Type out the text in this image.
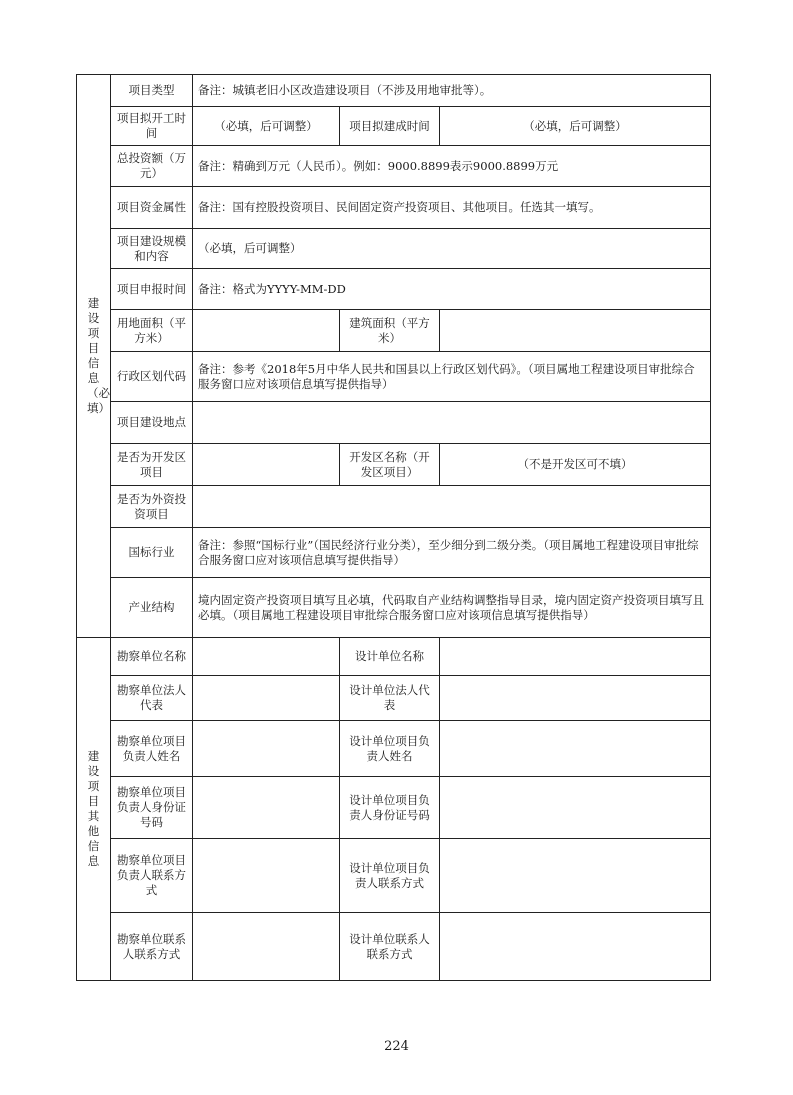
建设项目信息（必填）	项目类型	备注：城镇老旧小区改造建设项目（不涉及用地审批等）。		
	项目拟开工时间	（必填，后可调整）	项目拟建成时间	（必填，后可调整）
	总投资额（万元）	备注：精确到万元（人民币）。例如：9000.8899表示9000.8899万元		
	项目资金属性	备注：国有控股投资项目、民间固定资产投资项目、其他项目。任选其一填写。		
	项目建设规模和内容	（必填，后可调整）		
	项目申报时间	备注：格式为YYYY-MM-DD		
	用地面积（平方米）		建筑面积（平方米）	
	行政区划代码	备注：参考《2018年5月中华人民共和国县以上行政区划代码》。（项目属地工程建设项目审批综合服务窗口应对该项信息填写提供指导）		
	项目建设地点			
	是否为开发区项目		开发区名称（开发区项目）	（不是开发区可不填）
	是否为外资投资项目			
	国标行业	备注：参照“国标行业”（国民经济行业分类），至少细分到二级分类。（项目属地工程建设项目审批综合服务窗口应对该项信息填写提供指导）		
	产业结构	境内固定资产投资项目填写且必填，代码取自产业结构调整指导目录，境内固定资产投资项目填写且必填。（项目属地工程建设项目审批综合服务窗口应对该项信息填写提供指导）		
建设项目其他信息	勘察单位名称		设计单位名称	
	勘察单位法人代表		设计单位法人代表	
	勘察单位项目负责人姓名		设计单位项目负责人姓名	
	勘察单位项目负责人身份证号码		设计单位项目负责人身份证号码	
	勘察单位项目负责人联系方式		设计单位项目负责人联系方式	
	勘察单位联系人联系方式		设计单位联系人联系方式	
224
